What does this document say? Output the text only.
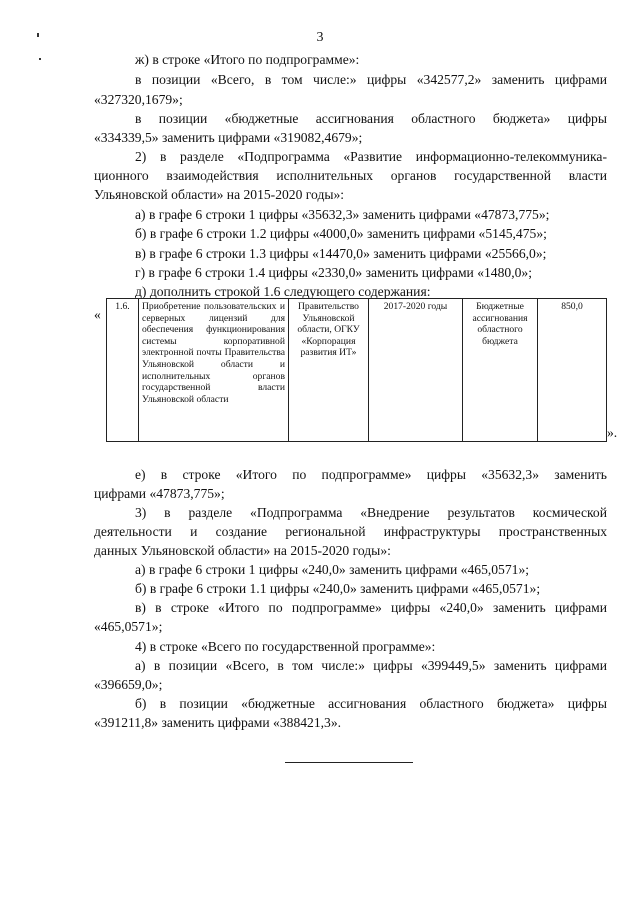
3
ж) в строке «Итого по подпрограмме»:
в позиции «Всего, в том числе:» цифры «342577,2» заменить цифрами
«327320,1679»;
в позиции «бюджетные ассигнования областного бюджета» цифры
«334339,5» заменить цифрами «319082,4679»;
2) в разделе «Подпрограмма «Развитие информационно-телекоммуника-
ционного взаимодействия исполнительных органов государственной власти
Ульяновской области» на 2015-2020 годы»:
а) в графе 6 строки 1 цифры «35632,3» заменить цифрами «47873,775»;
б) в графе 6 строки 1.2 цифры «4000,0» заменить цифрами «5145,475»;
в) в графе 6 строки 1.3 цифры «14470,0» заменить цифрами «25566,0»;
г) в графе 6 строки 1.4 цифры «2330,0» заменить цифрами «1480,0»;
д) дополнить строкой 1.6 следующего содержания:
«
1.6.	Приобретение пользовательских и серверных лицензий для обеспечения функционирования системы корпоративной электронной почты Правительства Ульяновской области и исполнительных органов государственной власти Ульяновской области	Правительство Ульяновской области, ОГКУ «Корпорация развития ИТ»	2017-2020 годы	Бюджетные ассигнования областного бюджета	850,0
».
е) в строке «Итого по подпрограмме» цифры «35632,3» заменить
цифрами «47873,775»;
3) в разделе «Подпрограмма «Внедрение результатов космической
деятельности и создание региональной инфраструктуры пространственных
данных Ульяновской области» на 2015-2020 годы»:
а) в графе 6 строки 1 цифры «240,0» заменить цифрами «465,0571»;
б) в графе 6 строки 1.1 цифры «240,0» заменить цифрами «465,0571»;
в) в строке «Итого по подпрограмме» цифры «240,0» заменить цифрами
«465,0571»;
4) в строке «Всего по государственной программе»:
а) в позиции «Всего, в том числе:» цифры «399449,5» заменить цифрами
«396659,0»;
б) в позиции «бюджетные ассигнования областного бюджета» цифры
«391211,8» заменить цифрами «388421,3».
